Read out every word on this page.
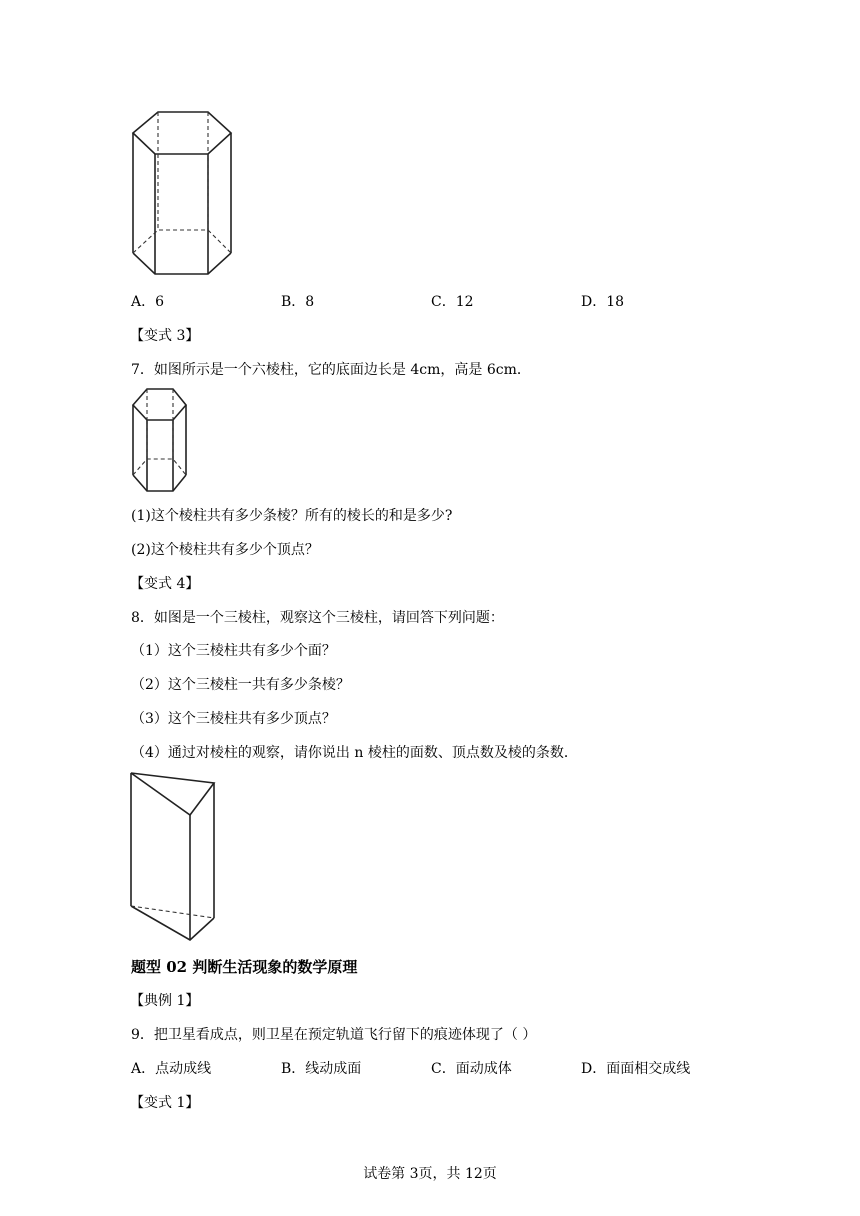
A．6	B．8	C．12	D．18
【变式 3】
7．如图所示是一个六棱柱，它的底面边长是 4cm，高是 6cm．
(1)这个棱柱共有多少条棱？所有的棱长的和是多少?
(2)这个棱柱共有多少个顶点？
【变式 4】
8．如图是一个三棱柱，观察这个三棱柱，请回答下列问题：
（1）这个三棱柱共有多少个面？
（2）这个三棱柱一共有多少条棱？
（3）这个三棱柱共有多少顶点？
（4）通过对棱柱的观察，请你说出 n 棱柱的面数、顶点数及棱的条数．
题型 02 判断生活现象的数学原理
【典例 1】
9．把卫星看成点，则卫星在预定轨道飞行留下的痕迹体现了（ ）
A．点动成线	B．线动成面	C．面动成体	D．面面相交成线
【变式 1】
试卷第 3页，共 12页
